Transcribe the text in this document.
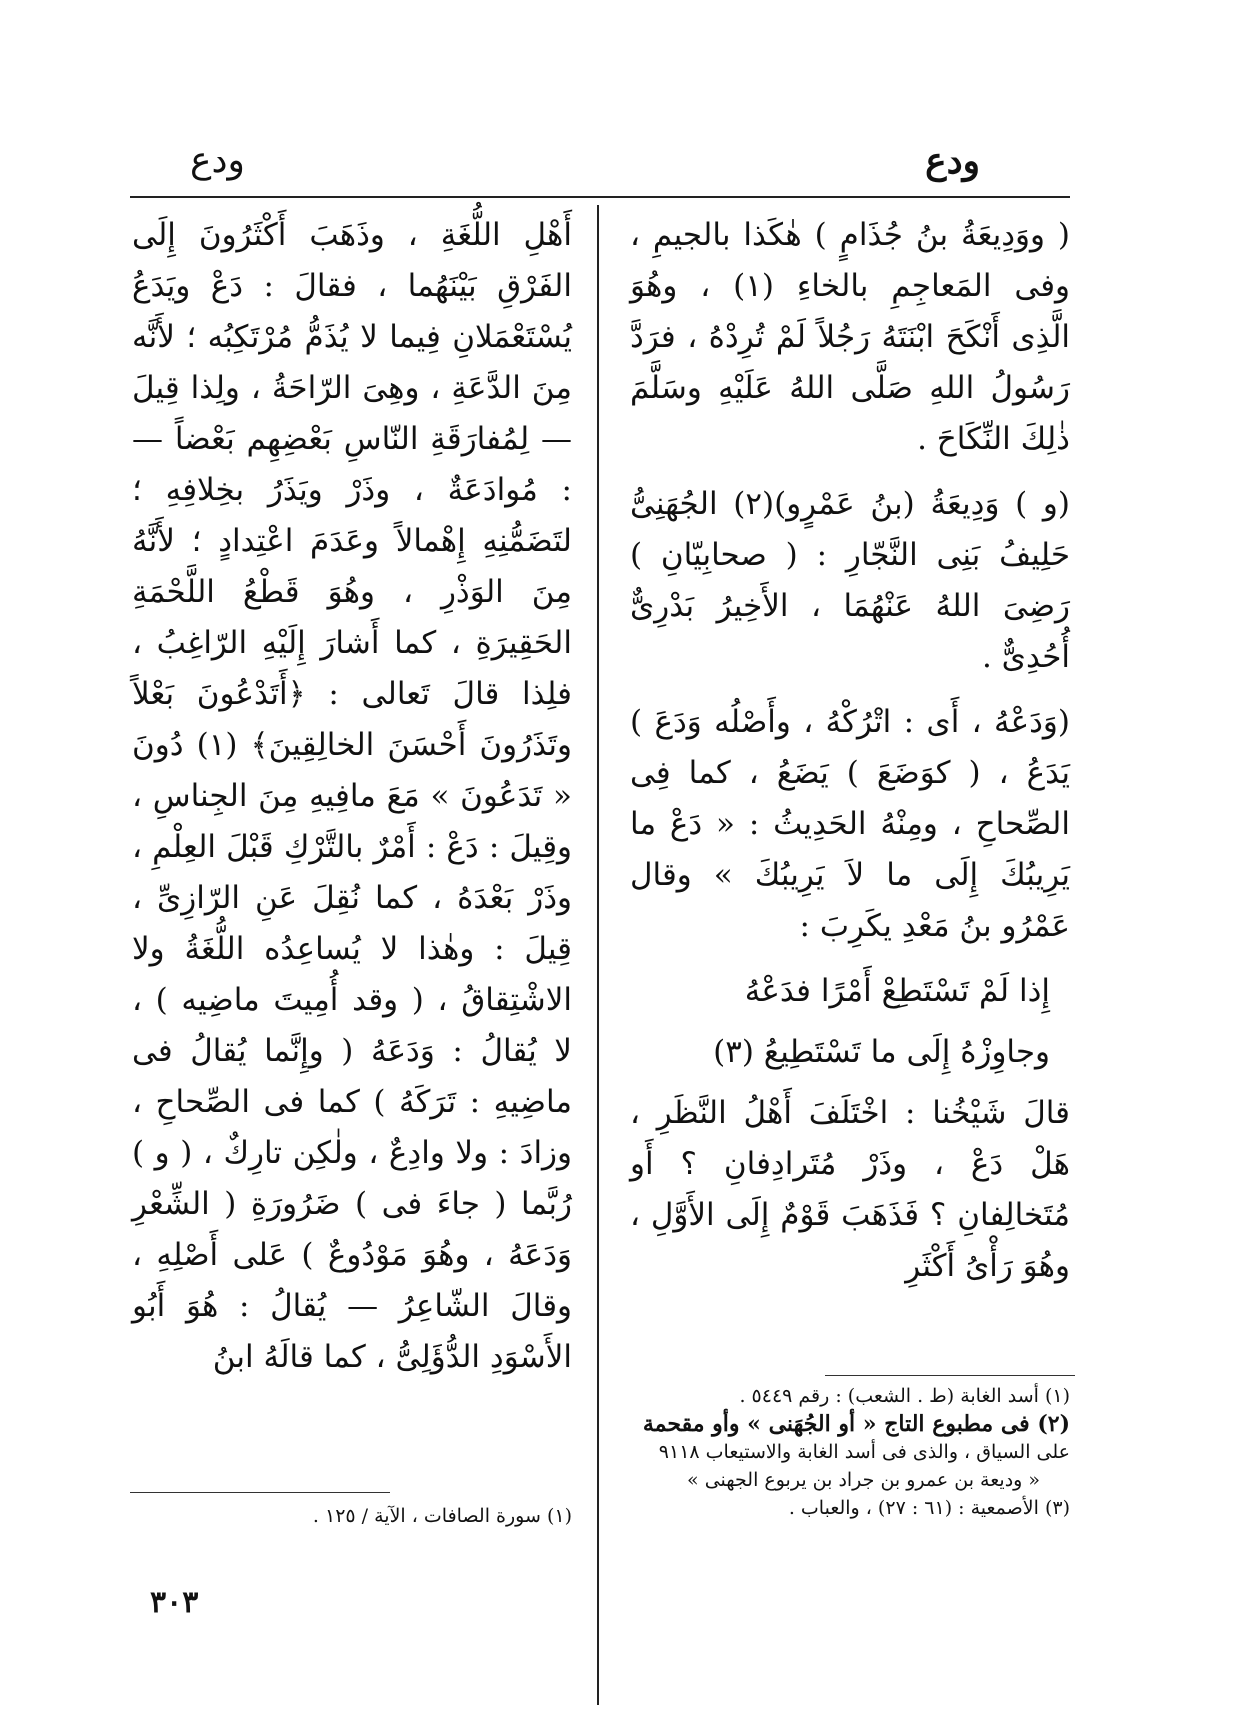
ودع
ودع

( ووَدِيعَةُ بنُ جُذَامٍ ) هٰكَذا بالجيمِ ، وفى المَعاجِمِ بالخاءِ (١) ، وهُوَ الَّذِى أَنْكَحَ ابْنَتَهُ رَجُلاً لَمْ تُرِدْهُ ، فرَدَّ رَسُولُ اللهِ صَلَّى اللهُ عَلَيْهِ وسَلَّمَ ذٰلِكَ النِّكَاحَ .

(و ) وَدِيعَةُ (بنُ عَمْرٍو)(٢) الجُهَنِىُّ حَلِيفُ بَنِى النَّجّارِ : ( صحابِيّانِ ) رَضِىَ اللهُ عَنْهُمَا ، الأَخِيرُ بَدْرِىٌّ أُحُدِىٌّ .

(وَدَعْهُ ، أَى : اتْرُكْهُ ، وأَصْلُه وَدَعَ ) يَدَعُ ، ( كوَضَعَ ) يَضَعُ ، كما فِى الصِّحاحِ ، ومِنْهُ الحَدِيثُ : « دَعْ ما يَرِيبُكَ إِلَى ما لاَ يَرِيبُكَ » وقال عَمْرُو بنُ مَعْدِ يكَرِبَ :

إِذا لَمْ تَسْتَطِعْ أَمْرًا فدَعْهُ

وجاوِزْهُ إِلَى ما تَسْتَطِيعُ (٣)

قالَ شَيْخُنا : اخْتَلَفَ أَهْلُ النَّظَرِ ، هَلْ دَعْ ، وذَرْ مُتَرادِفانِ ؟ أَو مُتَخالِفانِ ؟ فَذَهَبَ قَوْمٌ إِلَى الأَوَّلِ ، وهُوَ رَأْىُ أَكْثَرِ

أَهْلِ اللُّغَةِ ، وذَهَبَ أَكْثَرُونَ إِلَى الفَرْقِ بَيْنَهُما ، فقالَ : دَعْ ويَدَعُ يُسْتَعْمَلانِ فِيما لا يُذَمُّ مُرْتَكِبُه ؛ لأَنَّه مِنَ الدَّعَةِ ، وهِىَ الرّاحَةُ ، ولِذا قِيلَ — لِمُفارَقَةِ النّاسِ بَعْضِهِم بَعْضاً — : مُوادَعَةٌ ، وذَرْ ويَذَرُ بخِلافِهِ ؛ لتَضَمُّنِهِ إِهْمالاً وعَدَمَ اعْتِدادٍ ؛ لأَنَّهُ مِنَ الوَذْرِ ، وهُوَ قَطْعُ اللَّحْمَةِ الحَقِيرَةِ ، كما أَشارَ إِلَيْهِ الرّاغِبُ ، فلِذا قالَ تَعالى : ﴿أَتَدْعُونَ بَعْلاً وتَذَرُونَ أَحْسَنَ الخالِقِينَ﴾ (١) دُونَ « تَدَعُونَ » مَعَ مافِيهِ مِنَ الجِناسِ ، وقِيلَ : دَعْ : أَمْرٌ بالتَّرْكِ قَبْلَ العِلْمِ ، وذَرْ بَعْدَهُ ، كما نُقِلَ عَنِ الرّازِىِّ ، قِيلَ : وهٰذا لا يُساعِدُه اللُّغَةُ ولا الاشْتِقاقُ ، ( وقد أُمِيتَ ماضِيه ) ، لا يُقالُ : وَدَعَهُ ( وإِنَّما يُقالُ فى ماضِيهِ : تَرَكَهُ ) كما فى الصِّحاحِ ، وزادَ : ولا وادِعٌ ، ولٰكِن تارِكٌ ، ( و ) رُبَّما ( جاءَ فى ) ضَرُورَةِ ( الشِّعْرِ وَدَعَهُ ، وهُوَ مَوْدُوعٌ ) عَلى أَصْلِهِ ، وقالَ الشّاعِرُ — يُقالُ : هُوَ أَبُو الأَسْوَدِ الدُّؤَلِىُّ ، كما قالَهُ ابنُ

(١) أسد الغابة (ط . الشعب) : رقم ٥٤٤٩ .

(٢) فى مطبوع التاج « أو الجُهَنى » وأو مقحمة

على السياق ، والذى فى أسد الغابة والاستيعاب ٩١١٨

« وديعة بن عمرو بن جراد بن يربوع الجهنى »

(٣) الأصمعية : (٦١ : ٢٧) ، والعباب .

(١) سورة الصافات ، الآية / ١٢٥ .

٣٠٣
